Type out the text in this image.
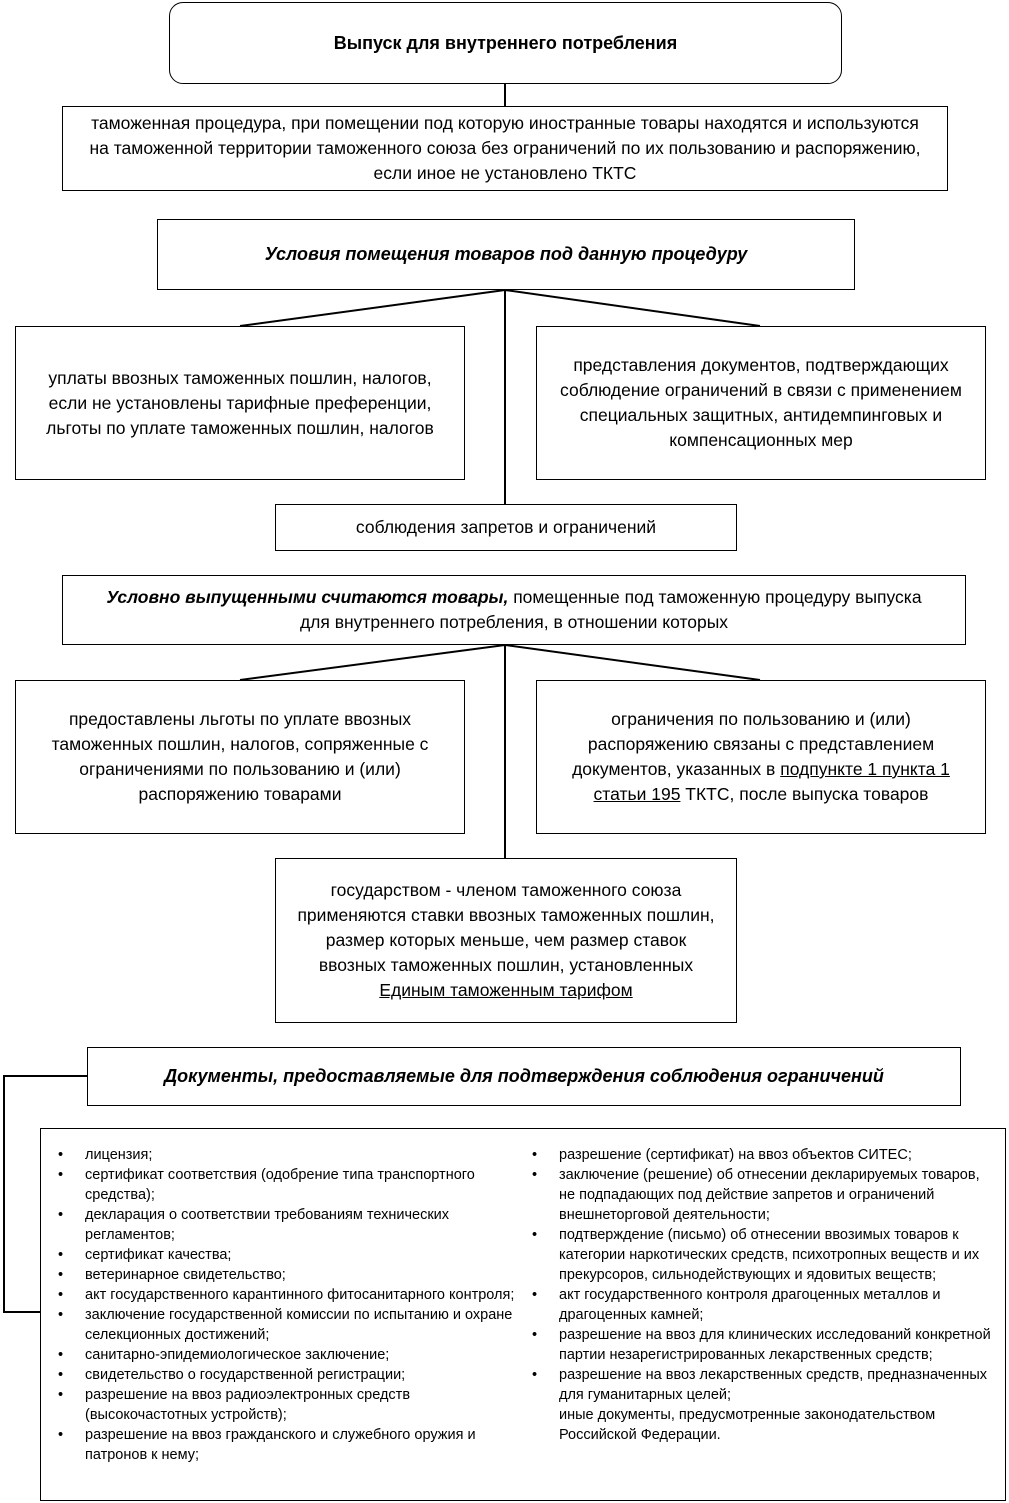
Выпуск для внутреннего потребления
таможенная процедура, при помещении под которую иностранные товары находятся и используются на таможенной территории таможенного союза без ограничений по их пользованию и распоряжению, если иное не установлено ТКТС
Условия помещения товаров под данную процедуру
уплаты ввозных таможенных пошлин, налогов, если не установлены тарифные преференции, льготы по уплате таможенных пошлин, налогов
представления документов, подтверждающих соблюдение ограничений в связи с применением специальных защитных, антидемпинговых и компенсационных мер
соблюдения запретов и ограничений
Условно выпущенными считаются товары, помещенные под таможенную процедуру выпуска для внутреннего потребления, в отношении которых
предоставлены льготы по уплате ввозных таможенных пошлин, налогов, сопряженные с ограничениями по пользованию и (или) распоряжению товарами
ограничения по пользованию и (или) распоряжению связаны с представлением документов, указанных в подпункте 1 пункта 1 статьи 195 ТКТС, после выпуска товаров
государством - членом таможенного союза применяются ставки ввозных таможенных пошлин, размер которых меньше, чем размер ставок ввозных таможенных пошлин, установленных Единым таможенным тарифом
Документы, предоставляемые для подтверждения соблюдения ограничений
• лицензия;
• сертификат соответствия (одобрение типа транспортного средства);
• декларация о соответствии требованиям технических регламентов;
• сертификат качества;
• ветеринарное свидетельство;
• акт государственного карантинного фитосанитарного контроля;
• заключение государственной комиссии по испытанию и охране селекционных достижений;
• санитарно-эпидемиологическое заключение;
• свидетельство о государственной регистрации;
• разрешение на ввоз радиоэлектронных средств (высокочастотных устройств);
• разрешение на ввоз гражданского и служебного оружия и патронов к нему;
• разрешение (сертификат) на ввоз объектов СИТЕС;
• заключение (решение) об отнесении декларируемых товаров, не подпадающих под действие запретов и ограничений внешнеторговой деятельности;
• подтверждение (письмо) об отнесении ввозимых товаров к категории наркотических средств, психотропных веществ и их прекурсоров, сильнодействующих и ядовитых веществ;
• акт государственного контроля драгоценных металлов и драгоценных камней;
• разрешение на ввоз для клинических исследований конкретной партии незарегистрированных лекарственных средств;
• разрешение на ввоз лекарственных средств, предназначенных для гуманитарных целей;
иные документы, предусмотренные законодательством Российской Федерации.
